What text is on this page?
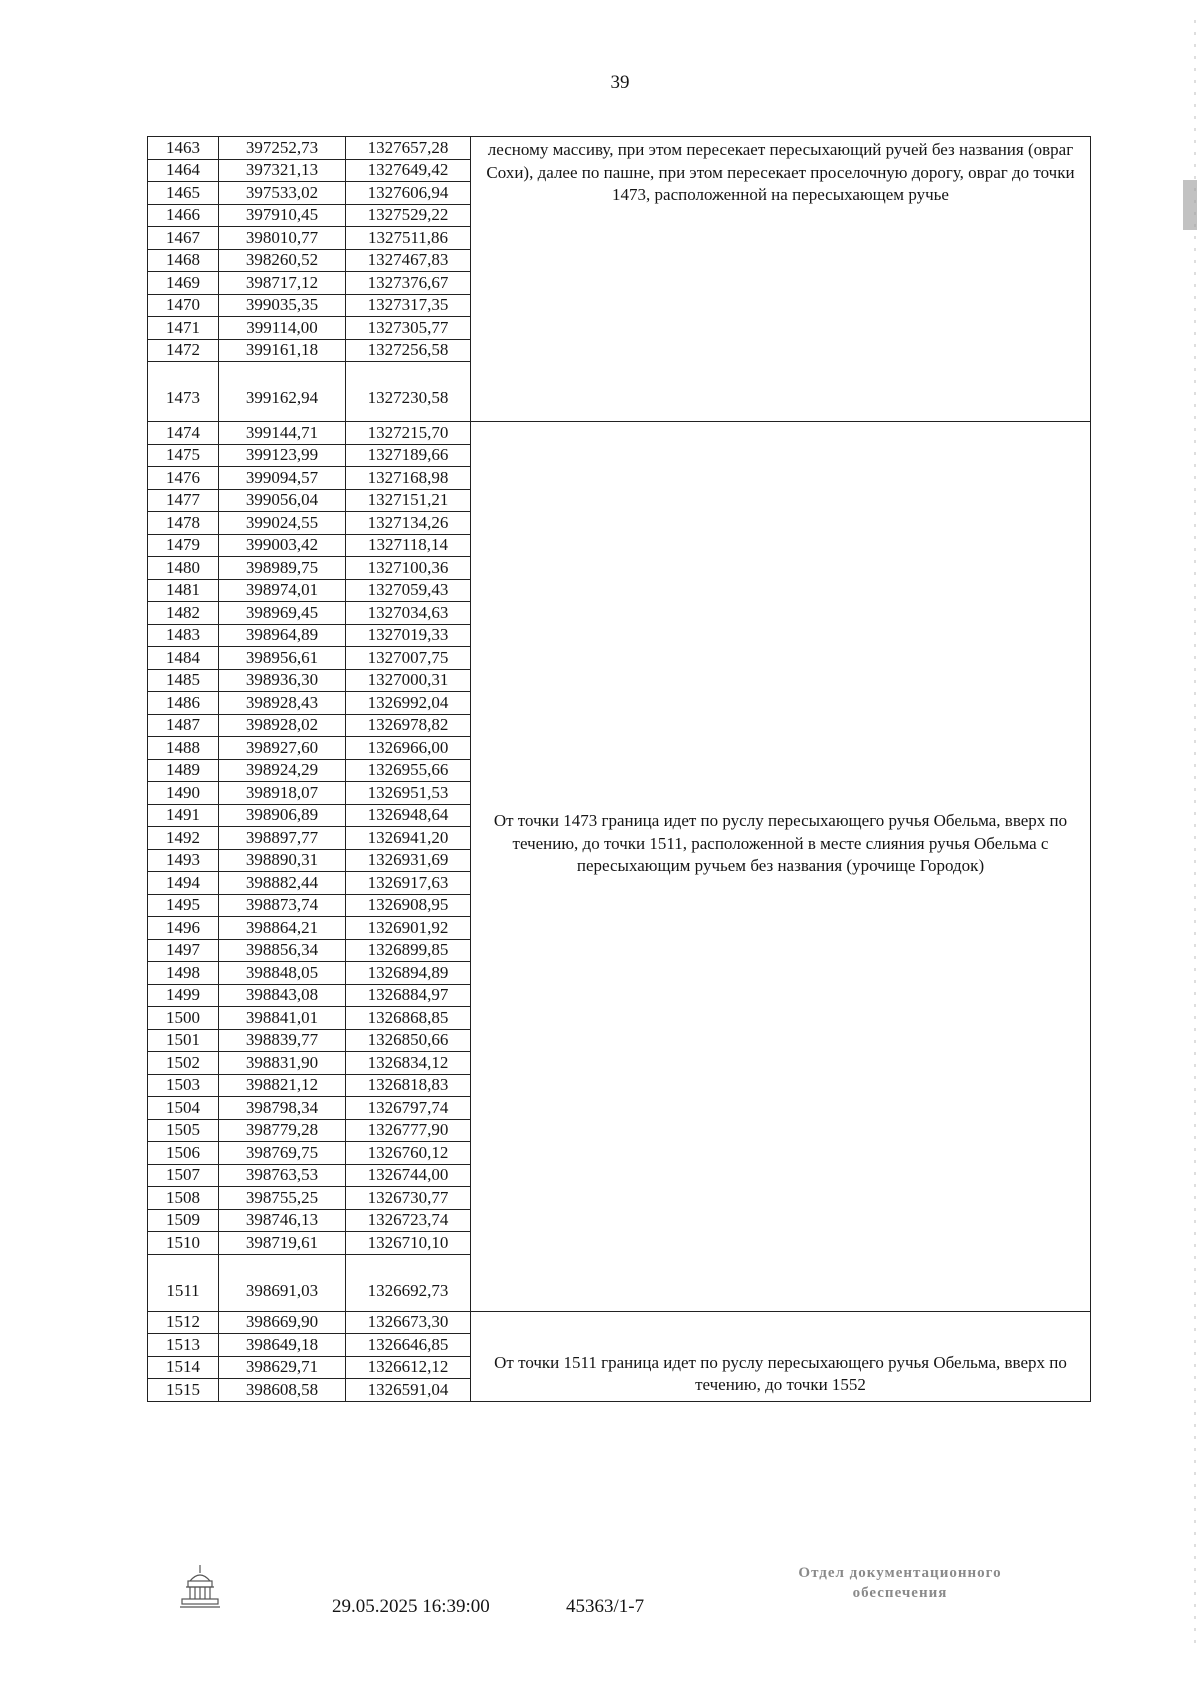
39
1463	397252,73	1327657,28	лесному массиву, при этом пересекает пересыхающий ручей без названия (овраг Сохи), далее по пашне, при этом пересекает проселочную дорогу, овраг до точки 1473, расположенной на пересыхающем ручье
1464	397321,13	1327649,42	
1465	397533,02	1327606,94	
1466	397910,45	1327529,22	
1467	398010,77	1327511,86	
1468	398260,52	1327467,83	
1469	398717,12	1327376,67	
1470	399035,35	1327317,35	
1471	399114,00	1327305,77	
1472	399161,18	1327256,58	
1473	399162,94	1327230,58	
1474	399144,71	1327215,70	От точки 1473 граница идет по руслу пересыхающего ручья Обельма, вверх по течению, до точки 1511, расположенной в месте слияния ручья Обельма с пересыхающим ручьем без названия (урочище Городок)
1475	399123,99	1327189,66	
1476	399094,57	1327168,98	
1477	399056,04	1327151,21	
1478	399024,55	1327134,26	
1479	399003,42	1327118,14	
1480	398989,75	1327100,36	
1481	398974,01	1327059,43	
1482	398969,45	1327034,63	
1483	398964,89	1327019,33	
1484	398956,61	1327007,75	
1485	398936,30	1327000,31	
1486	398928,43	1326992,04	
1487	398928,02	1326978,82	
1488	398927,60	1326966,00	
1489	398924,29	1326955,66	
1490	398918,07	1326951,53	
1491	398906,89	1326948,64	
1492	398897,77	1326941,20	
1493	398890,31	1326931,69	
1494	398882,44	1326917,63	
1495	398873,74	1326908,95	
1496	398864,21	1326901,92	
1497	398856,34	1326899,85	
1498	398848,05	1326894,89	
1499	398843,08	1326884,97	
1500	398841,01	1326868,85	
1501	398839,77	1326850,66	
1502	398831,90	1326834,12	
1503	398821,12	1326818,83	
1504	398798,34	1326797,74	
1505	398779,28	1326777,90	
1506	398769,75	1326760,12	
1507	398763,53	1326744,00	
1508	398755,25	1326730,77	
1509	398746,13	1326723,74	
1510	398719,61	1326710,10	
1511	398691,03	1326692,73	
1512	398669,90	1326673,30	От точки 1511 граница идет по руслу пересыхающего ручья Обельма, вверх по течению, до точки 1552
1513	398649,18	1326646,85	
1514	398629,71	1326612,12	
1515	398608,58	1326591,04	
29.05.2025 16:39:00	45363/1-7
Отдел документационного
обеспечения
